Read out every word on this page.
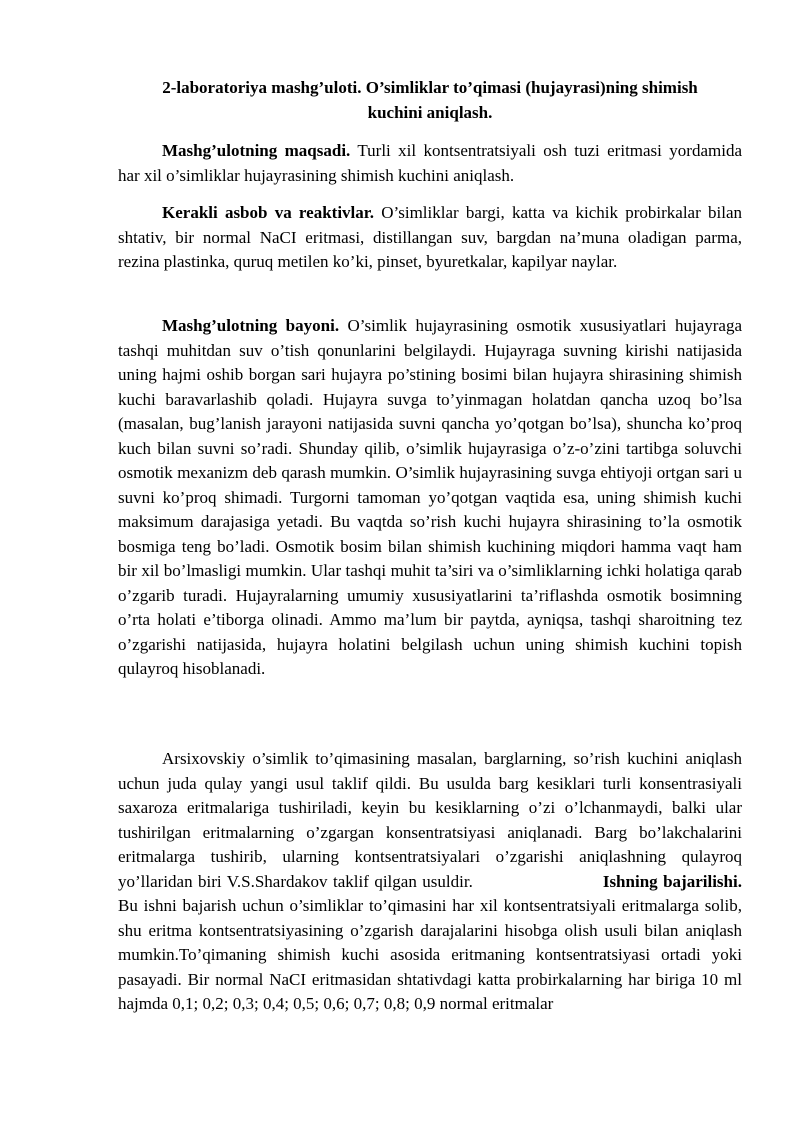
2-laboratoriya mashg’uloti. O’simliklar to’qimasi (hujayrasi)ning shimish
kuchini aniqlash.

Mashg’ulotning maqsadi. Turli xil kontsentratsiyali osh tuzi eritmasi yordamida har xil o’simliklar hujayrasining shimish kuchini aniqlash.

Kerakli asbob va reaktivlar. O’simliklar bargi, katta va kichik probirkalar bilan shtativ, bir normal NaCI eritmasi, distillangan suv, bargdan na’muna oladigan parma, rezina plastinka, quruq metilen ko’ki, pinset, byuretkalar, kapilyar naylar.

Mashg’ulotning bayoni. O’simlik hujayrasining osmotik xususiyatlari hujayraga tashqi muhitdan suv o’tish qonunlarini belgilaydi. Hujayraga suvning kirishi natijasida uning hajmi oshib borgan sari hujayra po’stining bosimi bilan hujayra shirasining shimish kuchi baravarlashib qoladi. Hujayra suvga to’yinmagan holatdan qancha uzoq bo’lsa (masalan, bug’lanish jarayoni natijasida suvni qancha yo’qotgan bo’lsa), shuncha ko’proq kuch bilan suvni so’radi. Shunday qilib, o’simlik hujayrasiga o’z-o’zini tartibga soluvchi osmotik mexanizm deb qarash mumkin. O’simlik hujayrasining suvga ehtiyoji ortgan sari u suvni ko’proq shimadi. Turgorni tamoman yo’qotgan vaqtida esa, uning shimish kuchi maksimum darajasiga yetadi. Bu vaqtda so’rish kuchi hujayra shirasining to’la osmotik bosmiga teng bo’ladi. Osmotik bosim bilan shimish kuchining miqdori hamma vaqt ham bir xil bo’lmasligi mumkin. Ular tashqi muhit ta’siri va o’simliklarning ichki holatiga qarab o’zgarib turadi. Hujayralarning umumiy xususiyatlarini ta’riflashda osmotik bosimning o’rta holati e’tiborga olinadi. Ammo ma’lum bir paytda, ayniqsa, tashqi sharoitning tez o’zgarishi natijasida, hujayra holatini belgilash uchun uning shimish kuchini topish qulayroq hisoblanadi.

Arsixovskiy o’simlik to’qimasining masalan, barglarning, so’rish kuchini aniqlash uchun juda qulay yangi usul taklif qildi. Bu usulda barg kesiklari turli konsentrasiyali saxaroza eritmalariga tushiriladi, keyin bu kesiklarning o’zi o’lchanmaydi, balki ular tushirilgan eritmalarning o’zgargan konsentratsiyasi aniqlanadi. Barg bo’lakchalarini eritmalarga tushirib, ularning kontsentratsiyalari o’zgarishi aniqlashning qulayroq yo’llaridan biri V.S.Shardakov taklif qilgan usuldir.	Ishning bajarilishi. Bu ishni bajarish uchun o’simliklar to’qimasini har xil kontsentratsiyali eritmalarga solib, shu eritma kontsentratsiyasining o’zgarish darajalarini hisobga olish usuli bilan aniqlash mumkin.To’qimaning shimish kuchi asosida eritmaning kontsentratsiyasi ortadi yoki pasayadi. Bir normal NaCI eritmasidan shtativdagi katta probirkalarning har biriga 10 ml hajmda 0,1; 0,2; 0,3; 0,4; 0,5; 0,6; 0,7; 0,8; 0,9 normal eritmalar
